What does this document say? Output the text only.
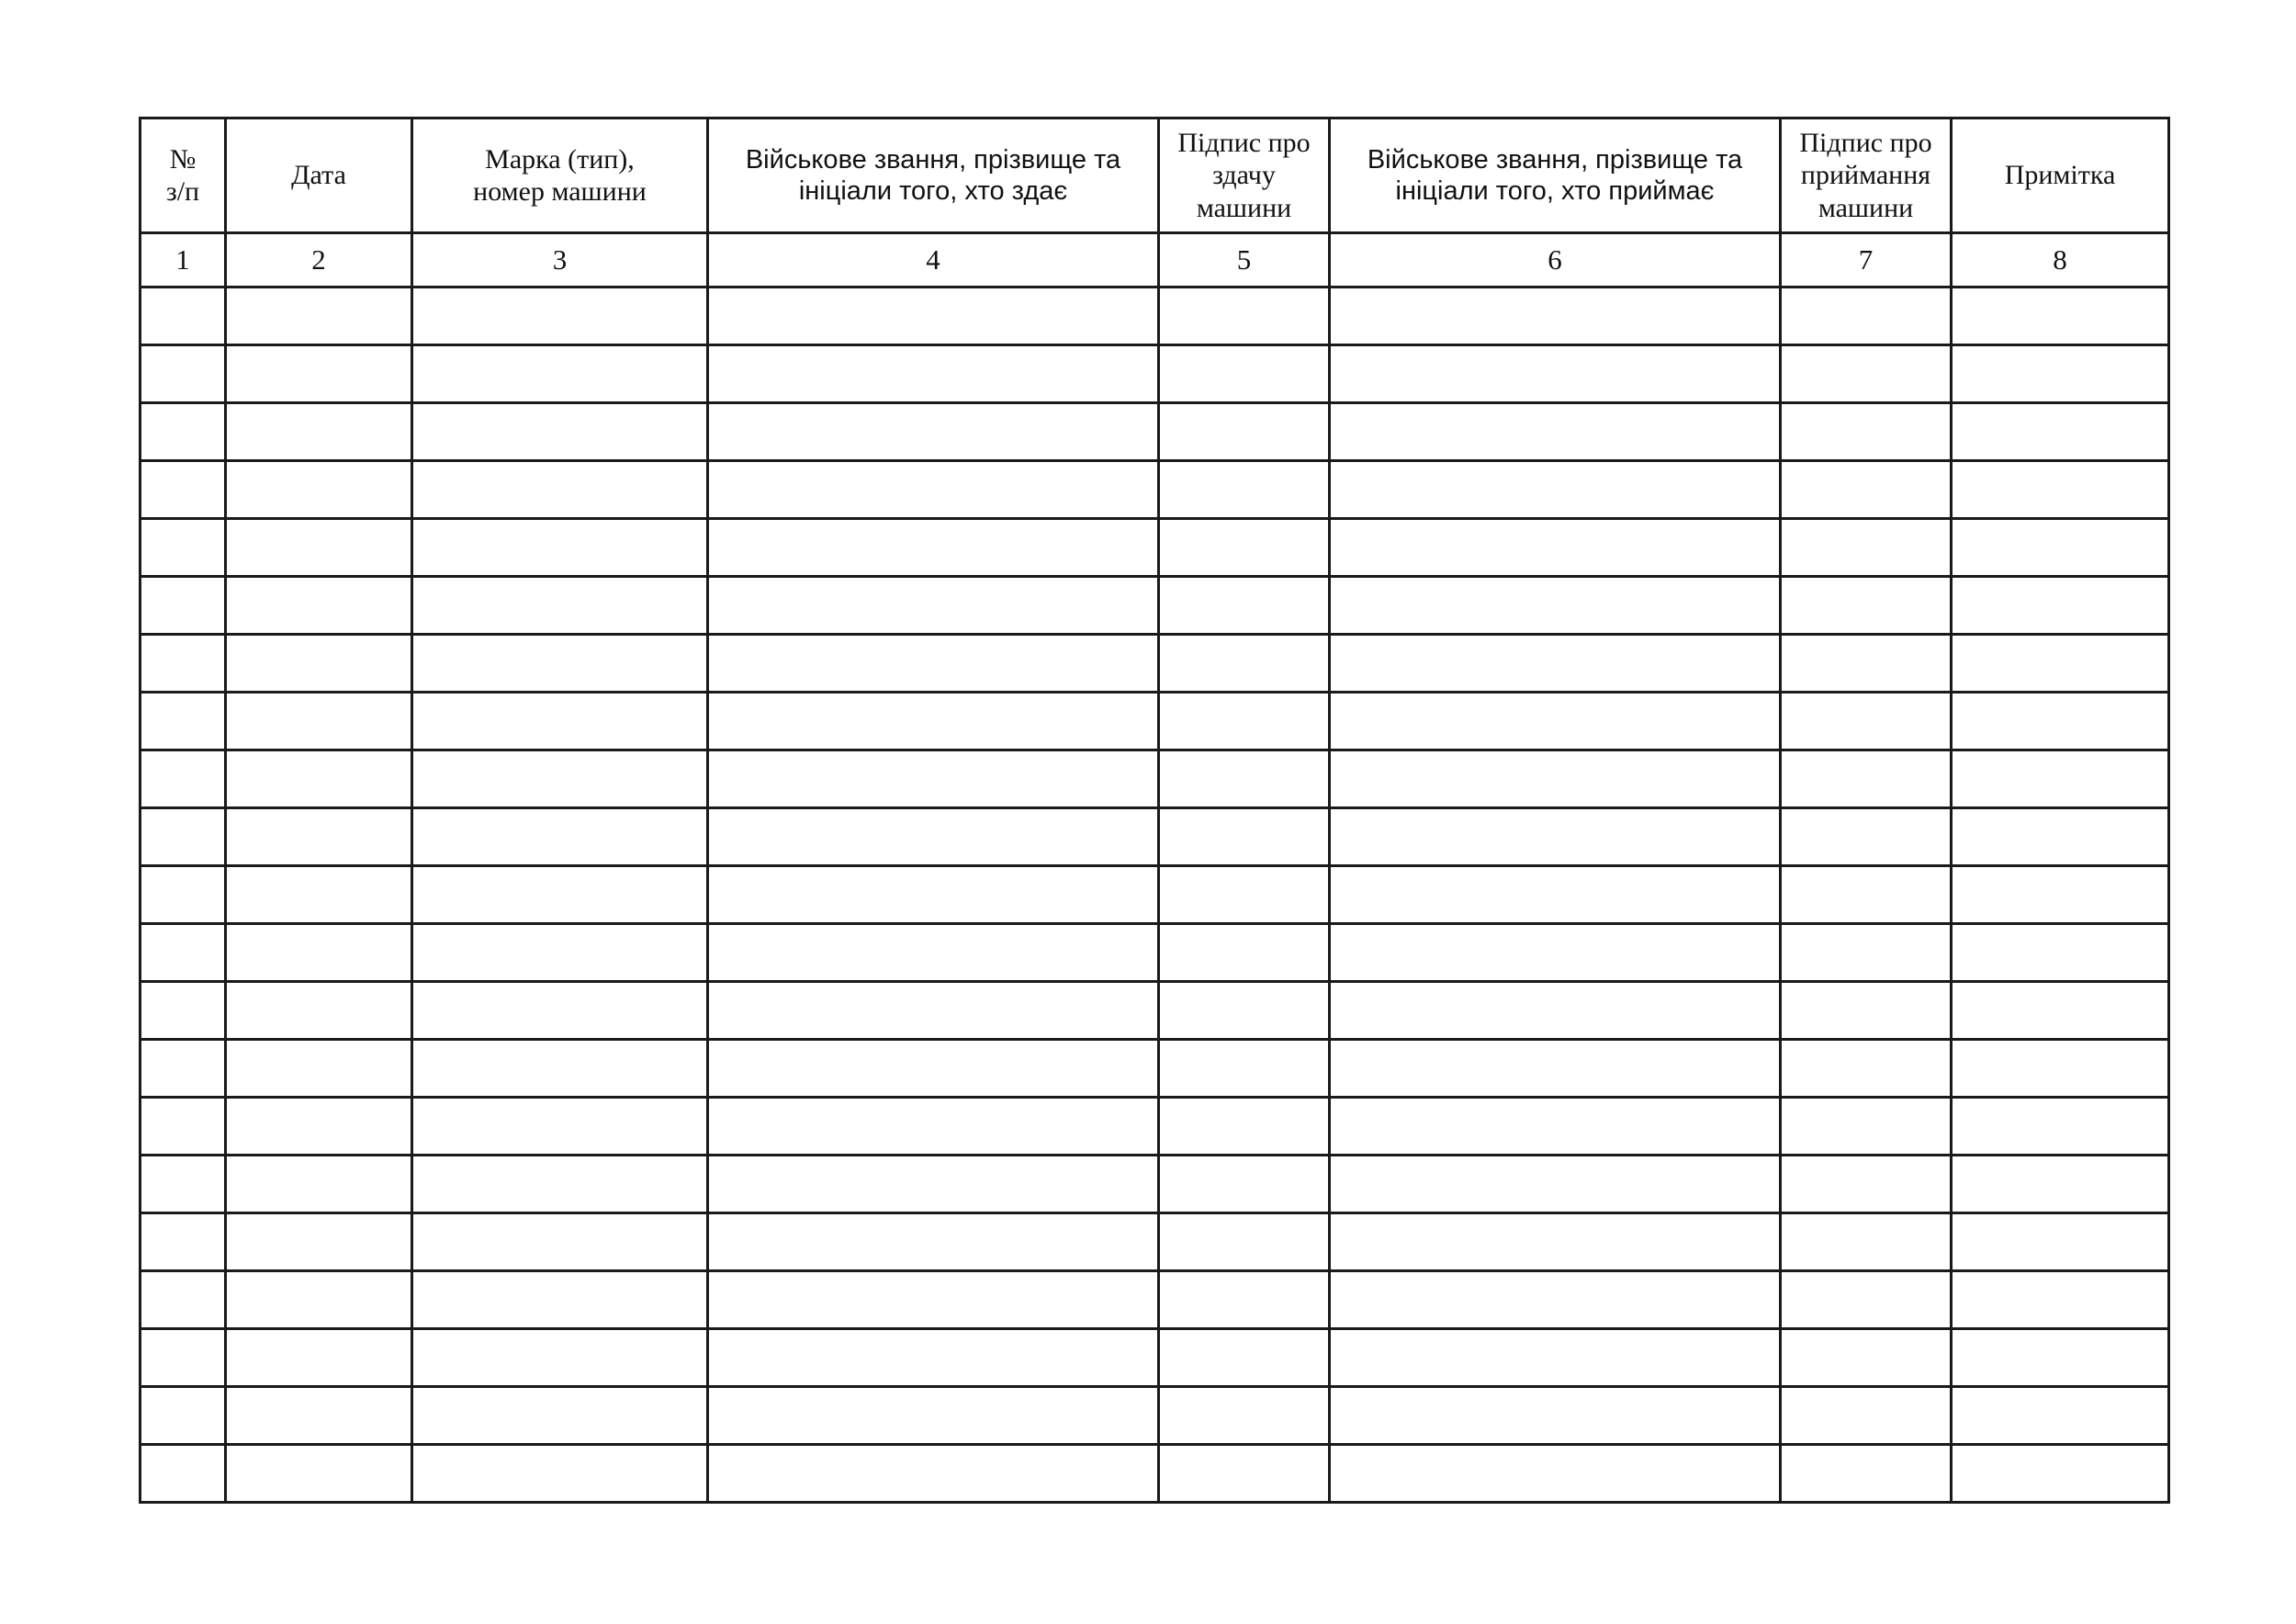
№
з/п	Дата	Марка (тип),
номер машини	Військове звання, прізвище та
ініціали того, хто здає	Підпис про
здачу
машини	Військове звання, прізвище та
ініціали того, хто приймає	Підпис про
приймання
машини	Примітка

1	2	3	4	5	6	7	8
